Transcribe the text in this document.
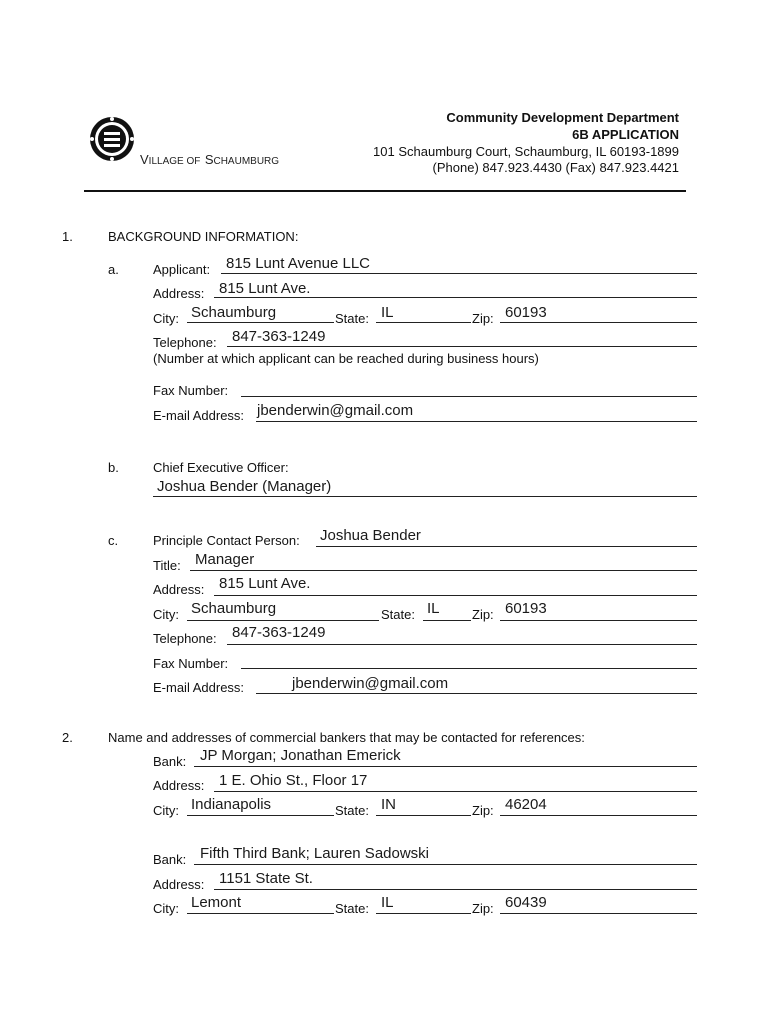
VILLAGE OF SCHAUMBURG
Community Development Department
6B APPLICATION
101 Schaumburg Court, Schaumburg, IL 60193-1899
(Phone) 847.923.4430 (Fax) 847.923.4421
1.	BACKGROUND INFORMATION:
a.	Applicant: 815 Lunt Avenue LLC
Address: 815 Lunt Ave.
City: Schaumburg	State: IL	Zip: 60193
Telephone: 847-363-1249
(Number at which applicant can be reached during business hours)
Fax Number:
E-mail Address: jbenderwin@gmail.com
b.	Chief Executive Officer:
Joshua Bender (Manager)
c.	Principle Contact Person: Joshua Bender
Title: Manager
Address: 815 Lunt Ave.
City: Schaumburg	State: IL Zip: 60193
Telephone: 847-363-1249
Fax Number:
E-mail Address:	jbenderwin@gmail.com
2.	Name and addresses of commercial bankers that may be contacted for references:
Bank: JP Morgan; Jonathan Emerick
Address: 1 E. Ohio St., Floor 17
City: Indianapolis	State: IN	Zip: 46204
Bank: Fifth Third Bank; Lauren Sadowski
Address: 1151 State St.
City: Lemont	State: IL	Zip: 60439
